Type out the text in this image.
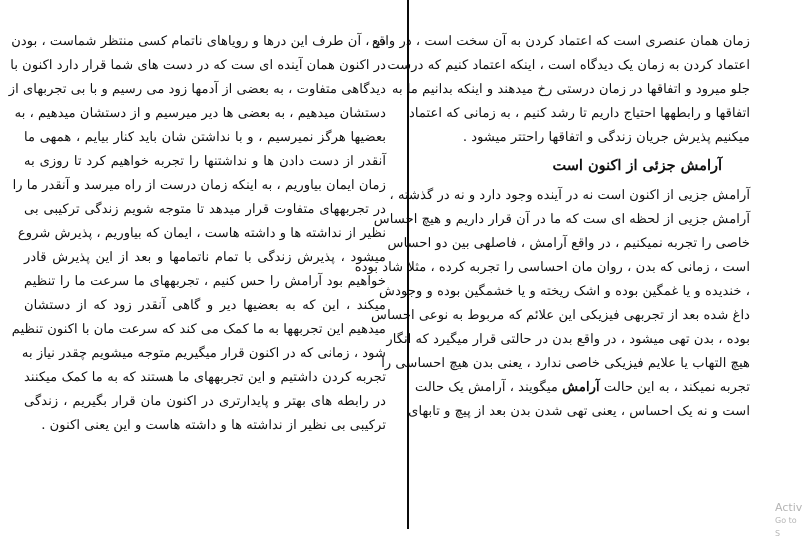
در ، آن طرف این درها و رویاهای ناتمام کسی منتظر شماست ، بودن
در اکنون همان آینده ای ست که در دست های شما قرار دارد اکنون با
دیدگاهی متفاوت ، به بعضی از آدمها زود می رسیم و با بی تجربهای از
دستشان میدهیم ، به بعضی ها دیر میرسیم و از دستشان میدهیم ، به
بعضیها هرگز نمیرسیم ، و با نداشتن شان باید کنار بیایم ، همهی ما
آنقدر از دست دادن ها و نداشتنها را تجربه خواهیم کرد تا روزی به
زمان ایمان بیاوریم ، به اینکه زمان درست از راه میرسد و آنقدر ما را
در تجربههای متفاوت قرار میدهد تا متوجه شویم زندگی ترکیبی بی
نظیر از نداشته ها و داشته هاست ، ایمان که بیاوریم ، پذیرش شروع
میشود ، پذیرش زندگی با تمام ناتمامها و بعد از این پذیرش قادر
خواهیم بود آرامش را حس کنیم ، تجربههای ما سرعت ما را تنظیم
میکند ، این که به بعضیها دیر و گاهی آنقدر زود که از دستشان
میدهیم این تجربهها به ما کمک می کند که سرعت مان با اکنون تنظیم
شود ، زمانی که در اکنون قرار میگیریم متوجه میشویم چقدر نیاز به
تجربه کردن داشتیم و این تجربههای ما هستند که به ما کمک میکنند
در رابطه های بهتر و پایدارتری در اکنون مان قرار بگیریم ، زندگی
ترکیبی بی نظیر از نداشته ها و داشته هاست و این یعنی اکنون .
زمان همان عنصری است که اعتماد کردن به آن سخت است ، در واقع
اعتماد کردن به زمان یک دیدگاه است ، اینکه اعتماد کنیم که درست
جلو میرود و اتفاقها در زمان درستی رخ میدهند و اینکه بدانیم ما به
اتفاقها و رابطهها احتیاج داریم تا رشد کنیم ، به زمانی که اعتماد
میکنیم پذیرش جریان زندگی و اتفاقها راحتتر میشود .
آرامش جزئی از اکنون است
آرامش جزیی از اکنون است نه در آینده وجود دارد و نه در گذشته ،
آرامش جزیی از لحظه ای ست که ما در آن قرار داریم و هیچ احساس
خاصی را تجربه نمیکنیم ، در واقع آرامش ، فاصلهی بین دو احساس
است ، زمانی که بدن ، روان مان احساسی را تجربه کرده ، مثلا شاد بوده
، خندیده و یا غمگین بوده و اشک ریخته و یا خشمگین بوده و وجودش
داغ شده بعد از تجربهی فیزیکی این علائم که مربوط به نوعی احساس
بوده ، بدن تهی میشود ، در واقع بدن در حالتی قرار میگیرد که انگار
هیچ التهاب یا علایم فیزیکی خاصی ندارد ، یعنی بدن هیچ احساسی را
تجربه نمیکند ، به این حالت آرامش میگویند ، آرامش یک حالت
است و نه یک احساس ، یعنی تهی شدن بدن بعد از پیچ و تابهای
Activ
Go to S
